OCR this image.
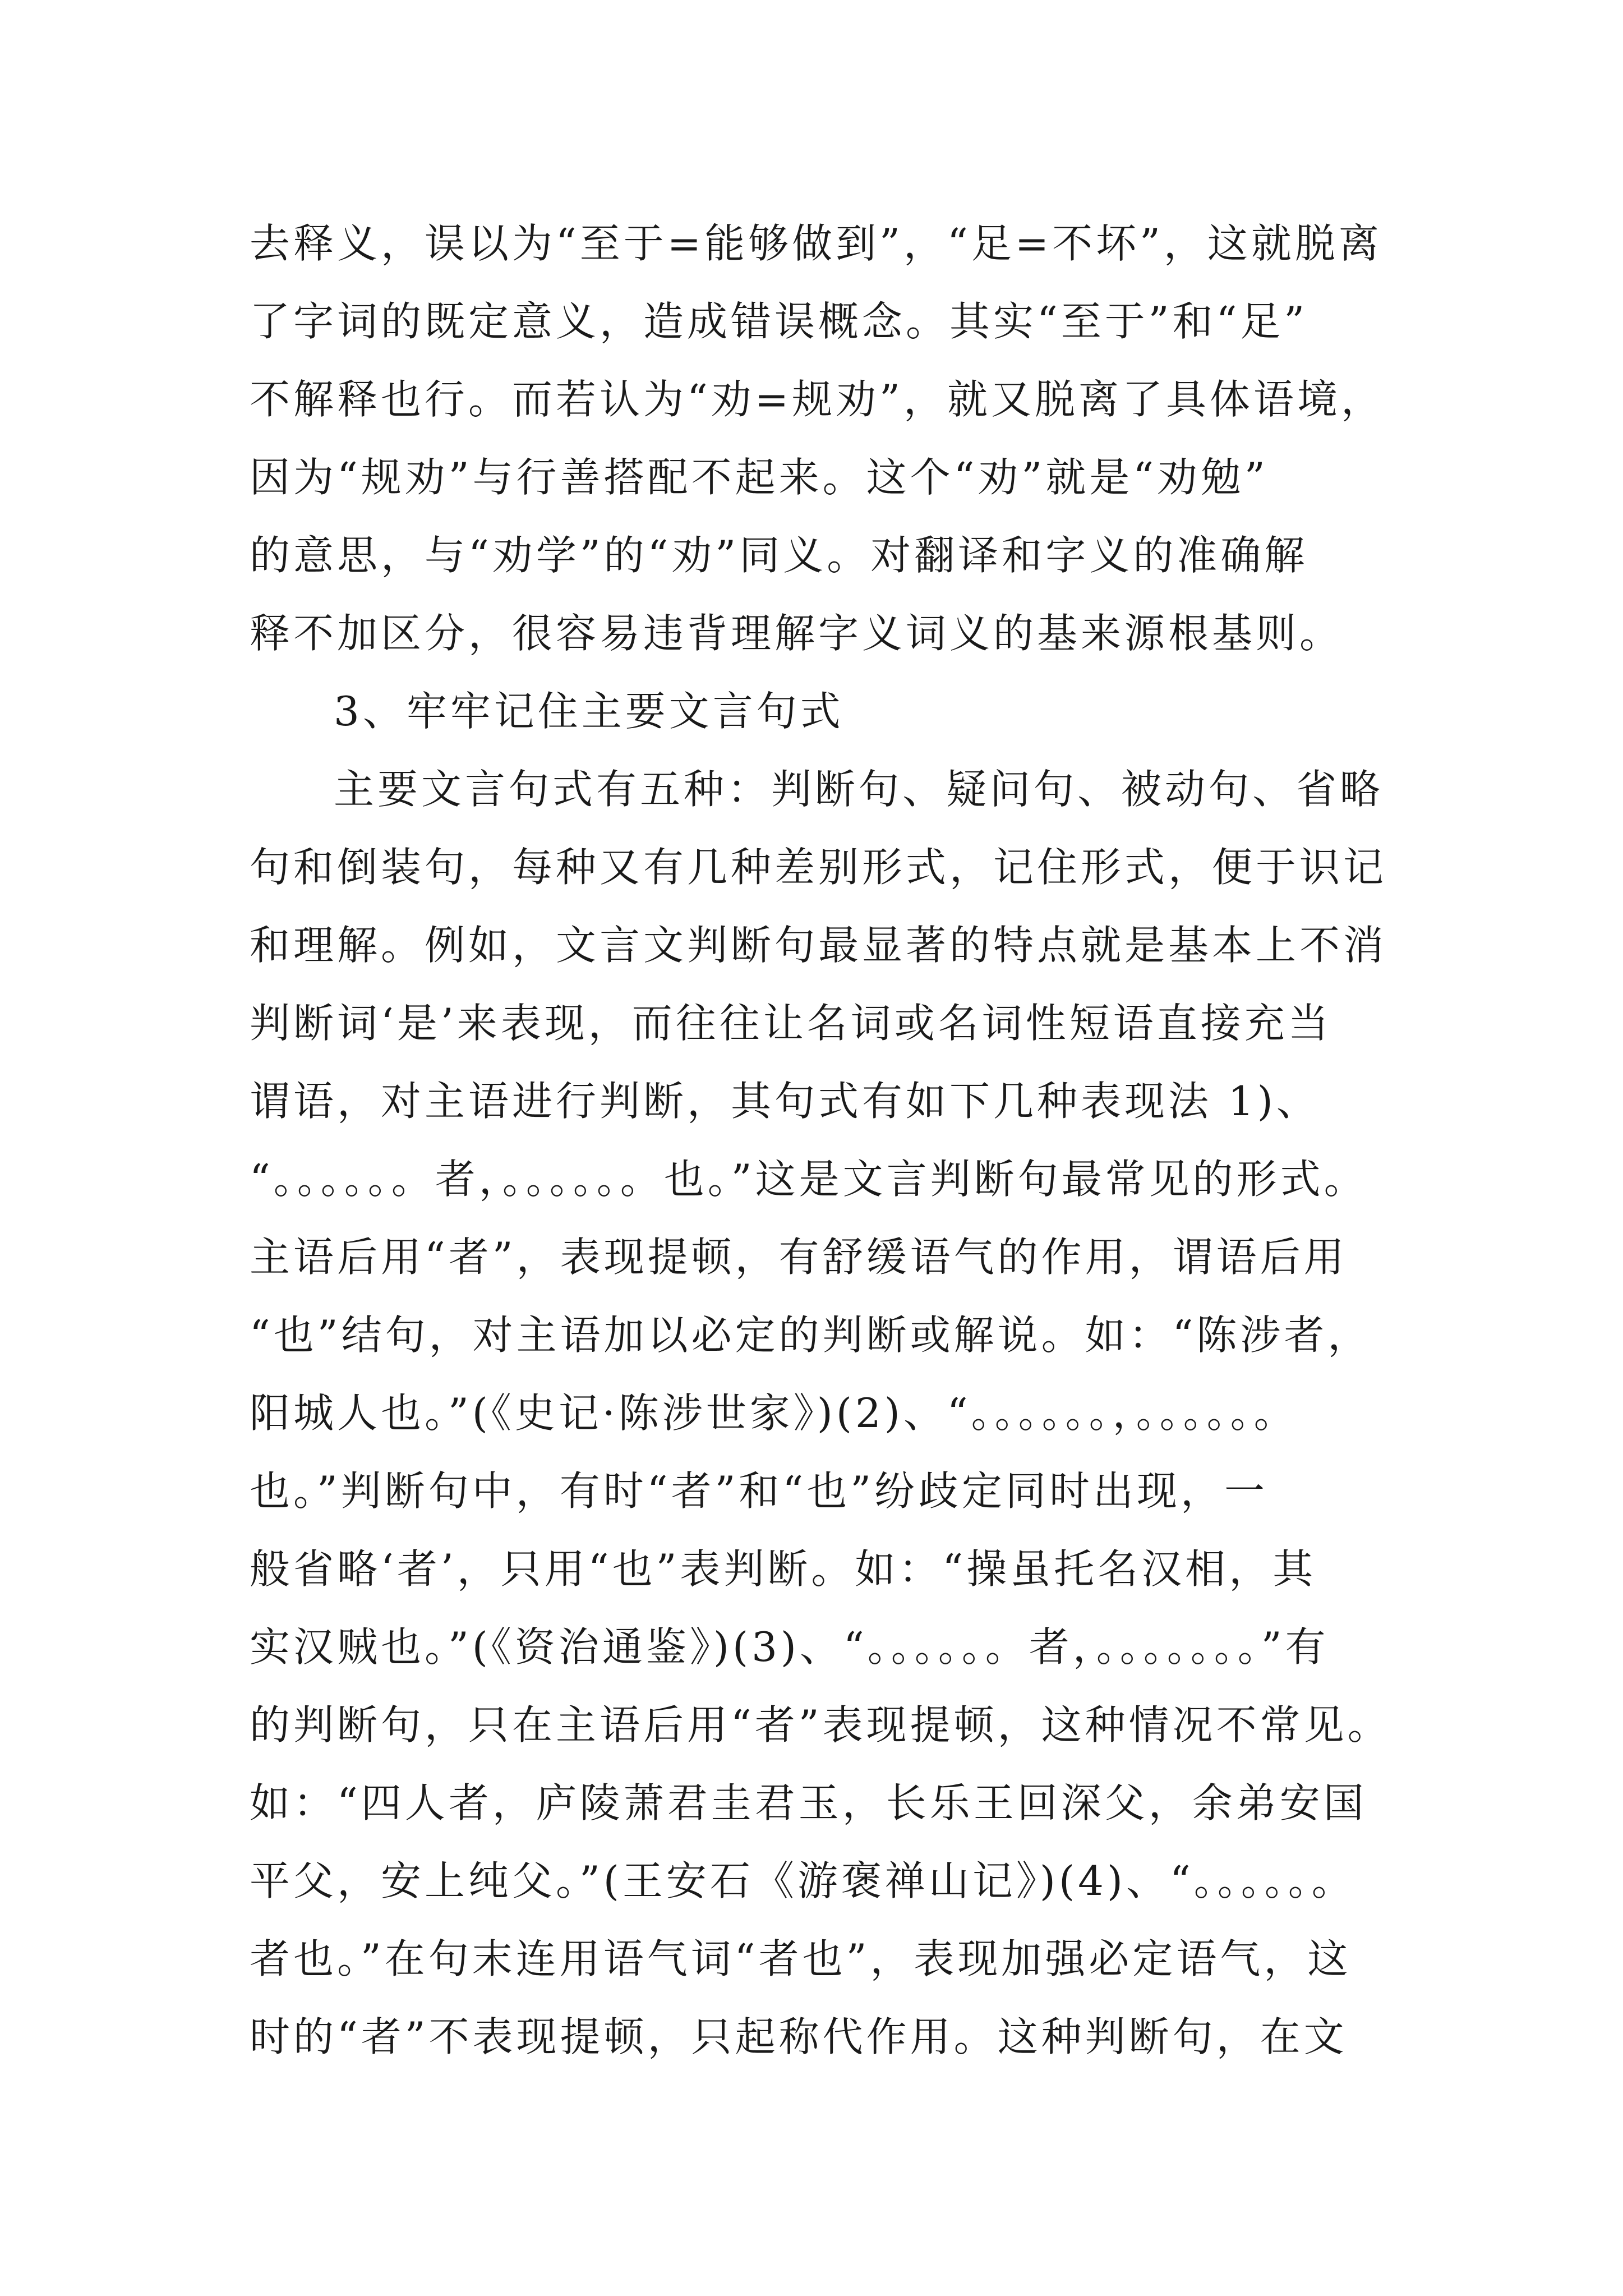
去释义，误以为“至于=能够做到”，“足=不坏”，这就脱离
了字词的既定意义，造成错误概念。其实“至于”和“足”
不解释也行。而若认为“劝=规劝”，就又脱离了具体语境，
因为“规劝”与行善搭配不起来。这个“劝”就是“劝勉”
的意思，与“劝学”的“劝”同义。对翻译和字义的准确解
释不加区分，很容易违背理解字义词义的基来源根基则。
3、牢牢记住主要文言句式
主要文言句式有五种：判断句、疑问句、被动句、省略
句和倒装句，每种又有几种差别形式，记住形式，便于识记
和理解。例如，文言文判断句最显著的特点就是基本上不消
判断词‘是’来表现，而往往让名词或名词性短语直接充当
谓语，对主语进行判断，其句式有如下几种表现法 1)、
“。。。。。。者，。。。。。。也。”这是文言判断句最常见的形式。
主语后用“者”，表现提顿，有舒缓语气的作用，谓语后用
“也”结句，对主语加以必定的判断或解说。如：“陈涉者，
阳城人也。”(《史记·陈涉世家》)(2)、“。。。。。。，。。。。。。
也。”判断句中，有时“者”和“也”纷歧定同时出现，一
般省略‘者’，只用“也”表判断。如：“操虽托名汉相，其
实汉贼也。”(《资治通鉴》)(3)、“。。。。。。者，。。。。。。。”有
的判断句，只在主语后用“者”表现提顿，这种情况不常见。
如：“四人者，庐陵萧君圭君玉，长乐王回深父，余弟安国
平父，安上纯父。”(王安石《游褒禅山记》)(4)、“。。。。。。
者也。”在句末连用语气词“者也”，表现加强必定语气，这
时的“者”不表现提顿，只起称代作用。这种判断句，在文
